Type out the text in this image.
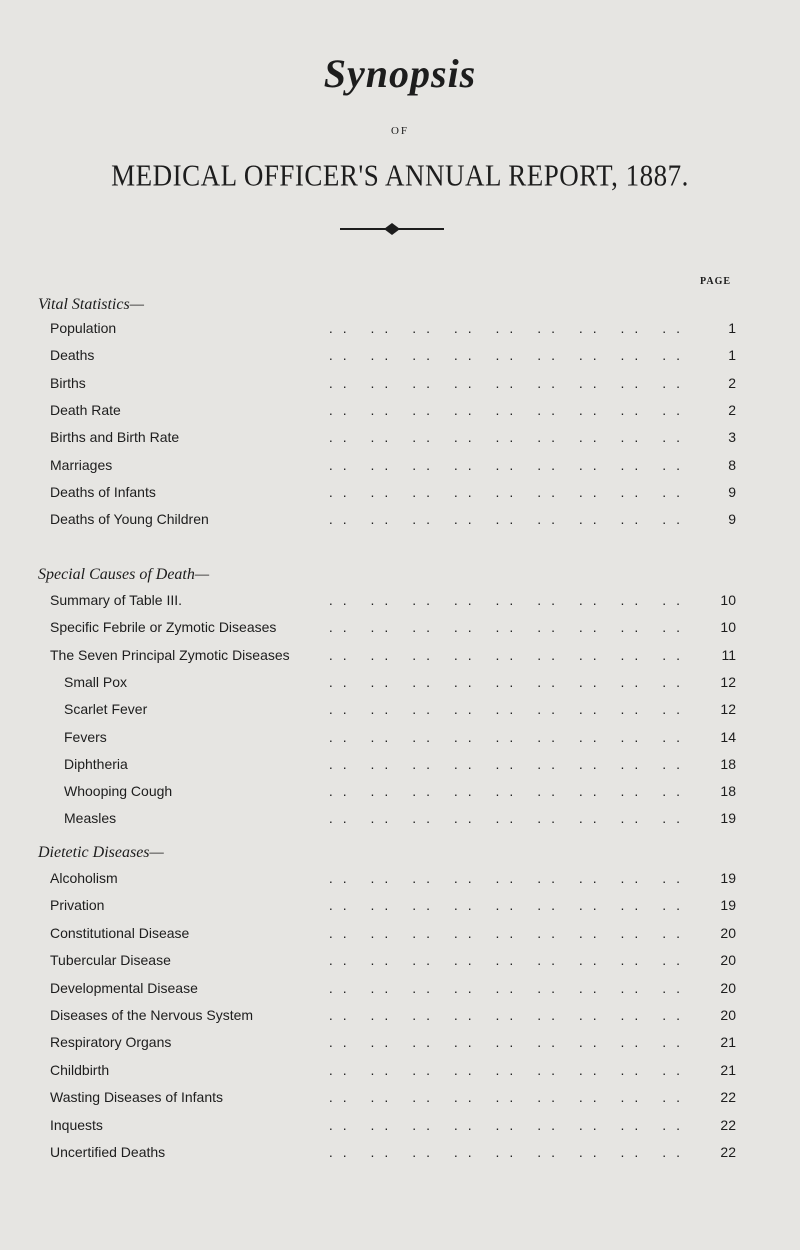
Synopsis
OF
MEDICAL OFFICER'S ANNUAL REPORT, 1887.
PAGE
Vital Statistics—
.. .. .. .. .. .. .. .. ..
Population	1
.. .. .. .. .. .. .. .. ..
Deaths	1
.. .. .. .. .. .. .. .. ..
Births	2
.. .. .. .. .. .. .. .. ..
Death Rate	2
.. .. .. .. .. .. .. .. ..
Births and Birth Rate	3
.. .. .. .. .. .. .. .. ..
Marriages	8
.. .. .. .. .. .. .. .. ..
Deaths of Infants	9
.. .. .. .. .. .. .. .. ..
Deaths of Young Children	9
Special Causes of Death—
.. .. .. .. .. .. .. .. ..
Summary of Table III.	10
.. .. .. .. .. .. .. .. ..
Specific Febrile or Zymotic Diseases	10
.. .. .. .. .. .. .. .. ..
The Seven Principal Zymotic Diseases	11
.. .. .. .. .. .. .. .. ..
Small Pox	12
.. .. .. .. .. .. .. .. ..
Scarlet Fever	12
.. .. .. .. .. .. .. .. ..
Fevers	14
.. .. .. .. .. .. .. .. ..
Diphtheria	18
.. .. .. .. .. .. .. .. ..
Whooping Cough	18
.. .. .. .. .. .. .. .. ..
Measles	19
Dietetic Diseases—
.. .. .. .. .. .. .. .. ..
Alcoholism	19
.. .. .. .. .. .. .. .. ..
Privation	19
.. .. .. .. .. .. .. .. ..
Constitutional Disease	20
.. .. .. .. .. .. .. .. ..
Tubercular Disease	20
.. .. .. .. .. .. .. .. ..
Developmental Disease	20
.. .. .. .. .. .. .. .. ..
Diseases of the Nervous System	20
.. .. .. .. .. .. .. .. ..
Respiratory Organs	21
.. .. .. .. .. .. .. .. ..
Childbirth	21
.. .. .. .. .. .. .. .. ..
Wasting Diseases of Infants	22
.. .. .. .. .. .. .. .. ..
Inquests	22
.. .. .. .. .. .. .. .. ..
Uncertified Deaths	22
